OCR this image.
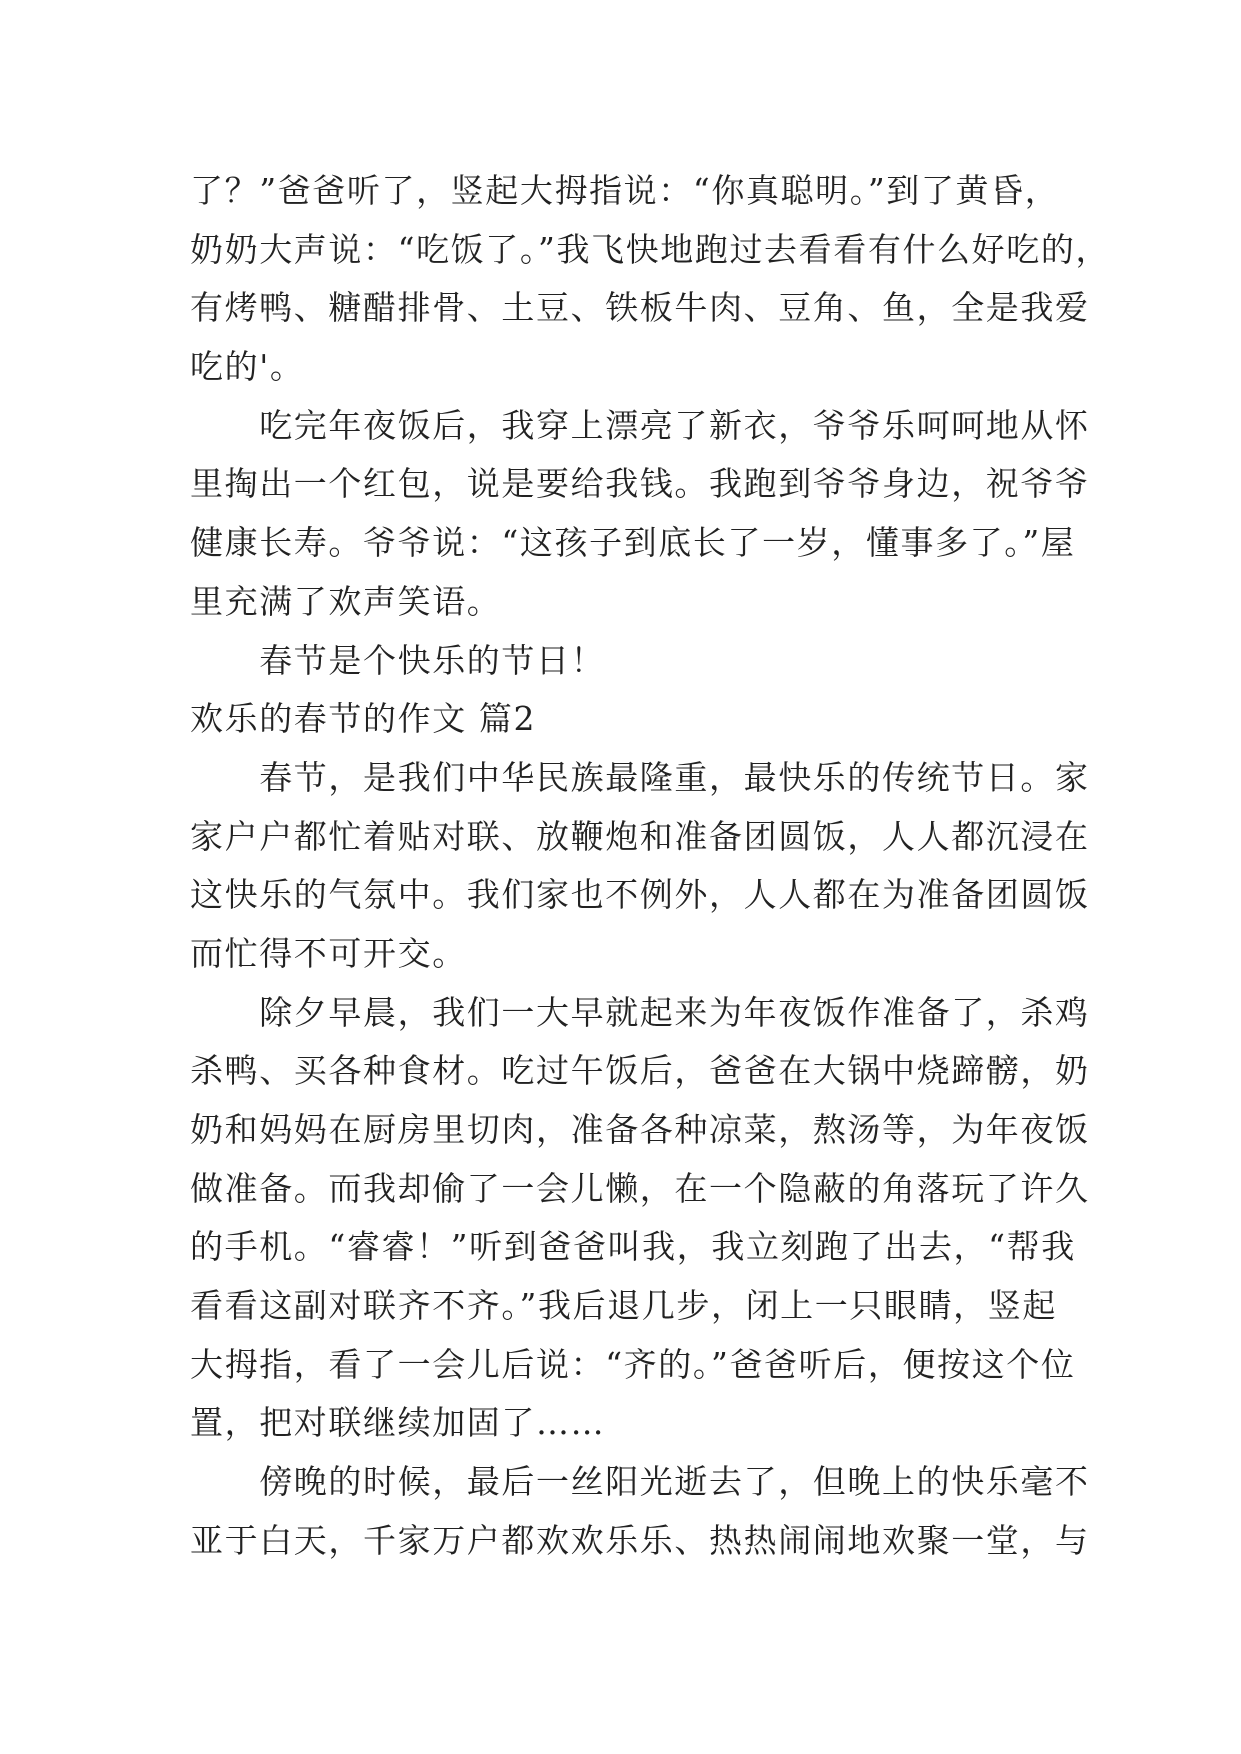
了？”爸爸听了，竖起大拇指说：“你真聪明。”到了黄昏，
奶奶大声说：“吃饭了。”我飞快地跑过去看看有什么好吃的，
有烤鸭、糖醋排骨、土豆、铁板牛肉、豆角、鱼，全是我爱
吃的'。
　　吃完年夜饭后，我穿上漂亮了新衣，爷爷乐呵呵地从怀
里掏出一个红包，说是要给我钱。我跑到爷爷身边，祝爷爷
健康长寿。爷爷说：“这孩子到底长了一岁，懂事多了。”屋
里充满了欢声笑语。
　　春节是个快乐的节日！
欢乐的春节的作文 篇2
　　春节，是我们中华民族最隆重，最快乐的传统节日。家
家户户都忙着贴对联、放鞭炮和准备团圆饭，人人都沉浸在
这快乐的气氛中。我们家也不例外，人人都在为准备团圆饭
而忙得不可开交。
　　除夕早晨，我们一大早就起来为年夜饭作准备了，杀鸡
杀鸭、买各种食材。吃过午饭后，爸爸在大锅中烧蹄髈，奶
奶和妈妈在厨房里切肉，准备各种凉菜，熬汤等，为年夜饭
做准备。而我却偷了一会儿懒，在一个隐蔽的角落玩了许久
的手机。“睿睿！”听到爸爸叫我，我立刻跑了出去，“帮我
看看这副对联齐不齐。”我后退几步，闭上一只眼睛，竖起
大拇指，看了一会儿后说：“齐的。”爸爸听后，便按这个位
置，把对联继续加固了……
　　傍晚的时候，最后一丝阳光逝去了，但晚上的快乐毫不
亚于白天，千家万户都欢欢乐乐、热热闹闹地欢聚一堂，与
